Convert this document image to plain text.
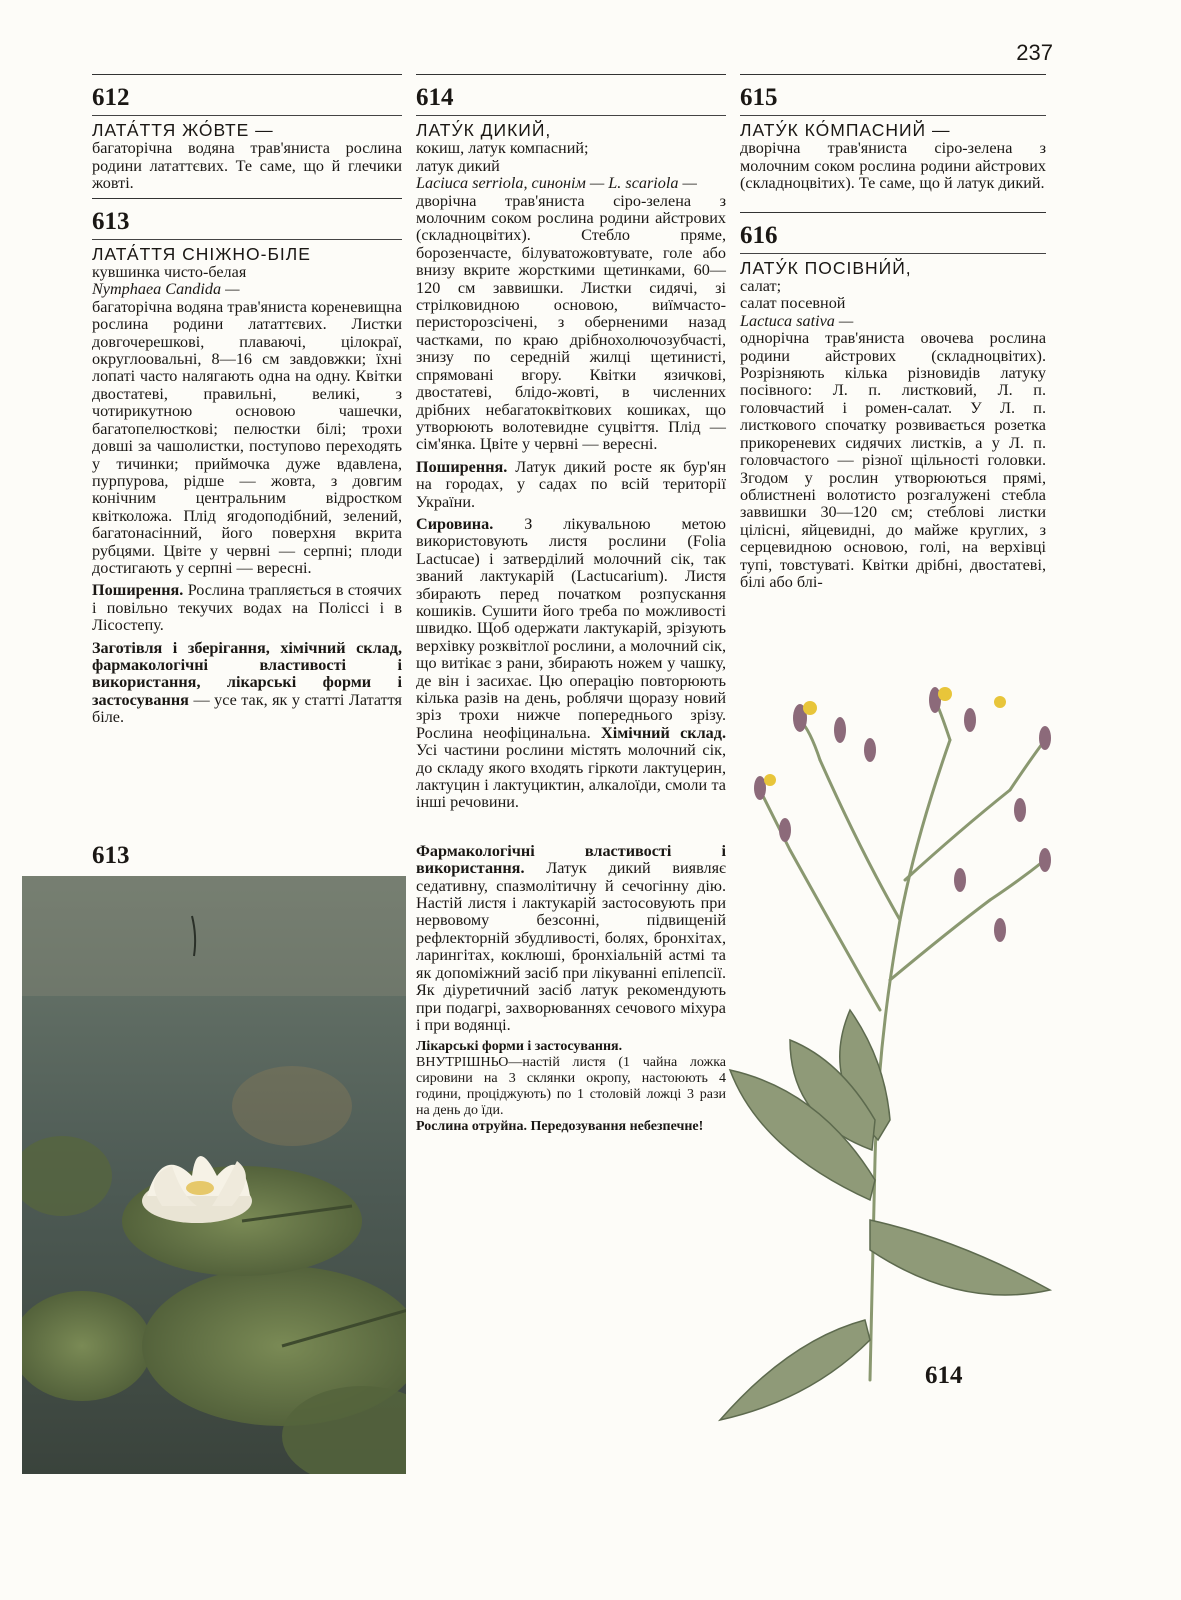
237
612
ЛАТА́ТТЯ ЖО́ВТЕ —

багаторічна водяна трав'яниста рослина родини лататтєвих. Те саме, що й глечики жовті.

613
ЛАТА́ТТЯ СНІЖНО-БІЛЕ

кувшинка чисто-белая

Nymphaea Candida —

багаторічна водяна трав'яниста кореневищна рослина родини лататтєвих. Листки довгочерешкові, плаваючі, цілокраї, округлоовальні, 8—16 см завдовжки; їхні лопаті часто налягають одна на одну. Квітки двостатеві, правильні, великі, з чотирикутною основою чашечки, багатопелюсткові; пелюстки білі; трохи довші за чашолистки, поступово переходять у тичинки; приймочка дуже вдавлена, пурпурова, рідше — жовта, з довгим конічним центральним відростком квітколожа. Плід ягодоподібний, зелений, багатонасінний, його поверхня вкрита рубцями. Цвіте у червні — серпні; плоди достигають у серпні — вересні.

Поширення. Рослина трапляється в стоячих і повільно текучих водах на Поліссі і в Лісостепу.

Заготівля і зберігання, хімічний склад, фармакологічні властивості і використання, лікарські форми і застосування — усе так, як у статті Латаття біле.

613
614
ЛАТУ́К ДИКИЙ,

кокиш, латук компасний;

латук дикий

Laciuca serriola, синонім — L. scariola —

дворічна трав'яниста сіро-зелена з молочним соком рослина родини айстрових (складноцвітих). Стебло пряме, борозенчасте, білуватожовтувате, голе або внизу вкрите жорсткими щетинками, 60—120 см заввишки. Листки сидячі, зі стрілковидною основою, виїмчасто-перисторозсічені, з оберненими назад частками, по краю дрібнохолючозубчасті, знизу по середній жилці щетинисті, спрямовані вгору. Квітки язичкові, двостатеві, блідо-жовті, в численних дрібних небагатоквіткових кошиках, що утворюють волотевидне суцвіття. Плід — сім'янка. Цвіте у червні — вересні.

Поширення. Латук дикий росте як бур'ян на городах, у садах по всій території України.

Сировина. З лікувальною метою використовують листя рослини (Folia Lactucae) і затверділий молочний сік, так званий лактукарій (Lactucarium). Листя збирають перед початком розпускання кошиків. Сушити його треба по можливості швидко. Щоб одержати лактукарій, зрізують верхівку розквітлої рослини, а молочний сік, що витікає з рани, збирають ножем у чашку, де він і засихає. Цю операцію повторюють кілька разів на день, роблячи щоразу новий зріз трохи нижче попереднього зрізу. Рослина неофіцинальна. Хімічний склад. Усі частини рослини містять молочний сік, до складу якого входять гіркоти лактуцерин, лактуцин і лактуциктин, алкалоїди, смоли та інші речовини.

Фармакологічні властивості і використання. Латук дикий виявляє седативну, спазмолітичну й сечогінну дію. Настій листя і лактукарій застосовують при нервовому безсонні, підвищеній рефлекторній збудливості, болях, бронхітах, ларингітах, коклюші, бронхіальній астмі та як допоміжний засіб при лікуванні епілепсії. Як діуретичний засіб латук рекомендують при подагрі, захворюваннях сечового міхура і при водянці.

Лікарські форми і застосування.
ВНУТРІШНЬО—настій листя (1 чайна ложка сировини на 3 склянки окропу, настоюють 4 години, проціджують) по 1 столовій ложці 3 рази на день до їди.
Рослина отруйна. Передозування небезпечне!

615
ЛАТУ́К КО́МПАСНИЙ —

дворічна трав'яниста сіро-зелена з молочним соком рослина родини айстрових (складноцвітих). Те саме, що й латук дикий.

616
ЛАТУ́К ПОСІВНИ́Й,

салат;

салат посевной

Lactuca sativa —

однорічна трав'яниста овочева рослина родини айстрових (складноцвітих). Розрізняють кілька різновидів латуку посівного: Л. п. листковий, Л. п. головчастий і ромен-салат. У Л. п. листкового спочатку розвивається розетка прикореневих сидячих листків, а у Л. п. головчастого — різної щільності головки. Згодом у рослин утворюються прямі, облистнені волотисто розгалужені стебла заввишки 30—120 см; стеблові листки цілісні, яйцевидні, до майже круглих, з серцевидною основою, голі, на верхівці тупі, товстуваті. Квітки дрібні, двостатеві, білі або блі-

614
